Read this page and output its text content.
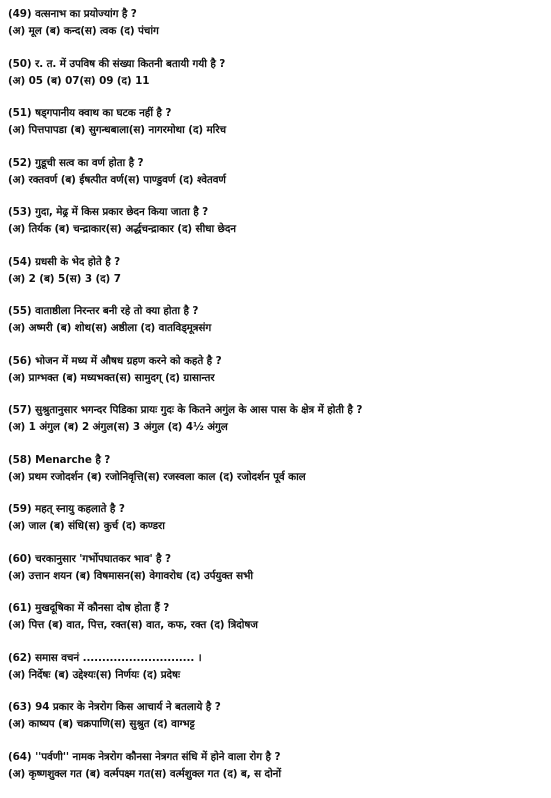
(49) वत्सनाभ का प्रयोज्यांग है ?
(अ) मूल (ब) कन्द(स) त्वक (द) पंचांग
(50) र. त. में उपविष की संख्या कितनी बतायी गयी है ?
(अ) 05 (ब) 07(स) 09 (द) 11
(51) षड्गपानीय क्वाथ का घटक नहीं है ?
(अ) पित्तपापडा (ब) सुगन्धबाला(स) नागरमोथा (द) मरिच
(52) गुडूची सत्व का वर्ण होता है ?
(अ) रक्तवर्ण (ब) ईषत्पीत वर्ण(स) पाण्डुवर्ण (द) श्वेतवर्ण
(53) गुदा, मेढ्र में किस प्रकार छेदन किया जाता है ?
(अ) तिर्यक (ब) चन्द्राकार(स) अर्द्धचन्द्राकार (द) सीधा छेदन
(54) ग्रधसी के भेद होते है ?
(अ) 2 (ब) 5(स) 3 (द) 7
(55) वाताष्ठीला निरन्तर बनी रहे तो क्या होता है ?
(अ) अष्मरी (ब) शोथ(स) अष्ठीला (द) वातविड्मूत्रसंग
(56) भोजन में मध्य में औषध ग्रहण करने को कहते है ?
(अ) प्राग्भक्त (ब) मध्यभक्त(स) सामुदग् (द) ग्रासान्तर
(57) सुश्रुतानुसार भगन्दर पिडिका प्रायः गुदः के कितने अगुंल के आस पास के क्षेत्र में होती है ?
(अ) 1 अंगुल (ब) 2 अंगुल(स) 3 अंगुल (द) 4½ अंगुल
(58) Menarche है ?
(अ) प्रथम रजोदर्शन (ब) रजोनिवृत्ति(स) रजस्वला काल (द) रजोदर्शन पूर्व काल
(59) महत् स्नायु कहलाते है ?
(अ) जाल (ब) संधि(स) कुर्च (द) कण्डरा
(60) चरकानुसार 'गर्भोपघातकर भाव' है ?
(अ) उत्तान शयन (ब) विषमासन(स) वेगावरोध (द) उर्पयुक्त सभी
(61) मुखदूषिका में कौनसा दोष होता हैं ?
(अ) पित्त (ब) वात, पित्त, रक्त(स) वात, कफ, रक्त (द) त्रिदोषज
(62) समास वचनं ............................. ।
(अ) निर्देषः (ब) उद्देश्यः(स) निर्णयः (द) प्रदेषः
(63) 94 प्रकार के नेत्ररोग किस आचार्य ने बतलाये है ?
(अ) काष्यप (ब) चक्रपाणि(स) सुश्रुत (द) वाग्भट्ट
(64) ''पर्वणी'' नामक नेत्ररोग कौनसा नेत्रगत संधि में होने वाला रोग है ?
(अ) कृष्णशुक्ल गत (ब) वर्त्मपक्ष्म गत(स) वर्त्मशुक्ल गत (द) ब, स दोनों
